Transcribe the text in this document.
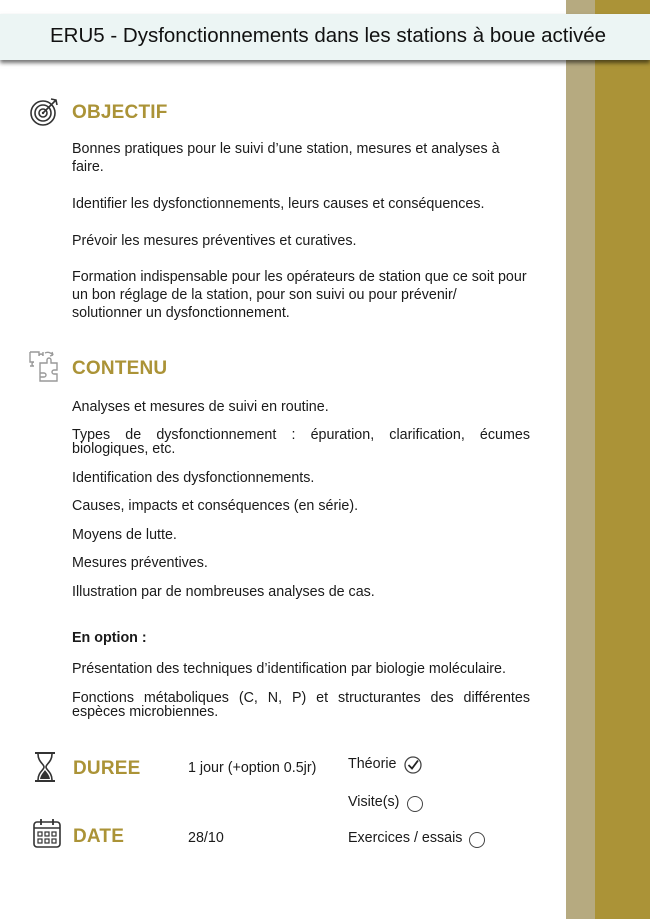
ERU5 - Dysfonctionnements dans les stations à boue activée
OBJECTIF
Bonnes pratiques pour le suivi d’une station, mesures et analyses à faire.
Identifier les dysfonctionnements, leurs causes et conséquences.
Prévoir les mesures préventives et curatives.
Formation indispensable pour les opérateurs de station que ce soit pour un bon réglage de la station, pour son suivi ou pour prévenir/ solutionner un dysfonctionnement.
CONTENU
Analyses et mesures de suivi en routine.
Types de dysfonctionnement : épuration, clarification, écumes biologiques, etc.
Identification des dysfonctionnements.
Causes, impacts et conséquences (en série).
Moyens de lutte.
Mesures préventives.
Illustration par de nombreuses analyses de cas.
En option :
Présentation des techniques d’identification par biologie moléculaire.
Fonctions métaboliques (C, N, P) et structurantes des différentes espèces microbiennes.
DUREE	1 jour (+option 0.5jr)
DATE	28/10
Théorie
Visite(s)
Exercices / essais
